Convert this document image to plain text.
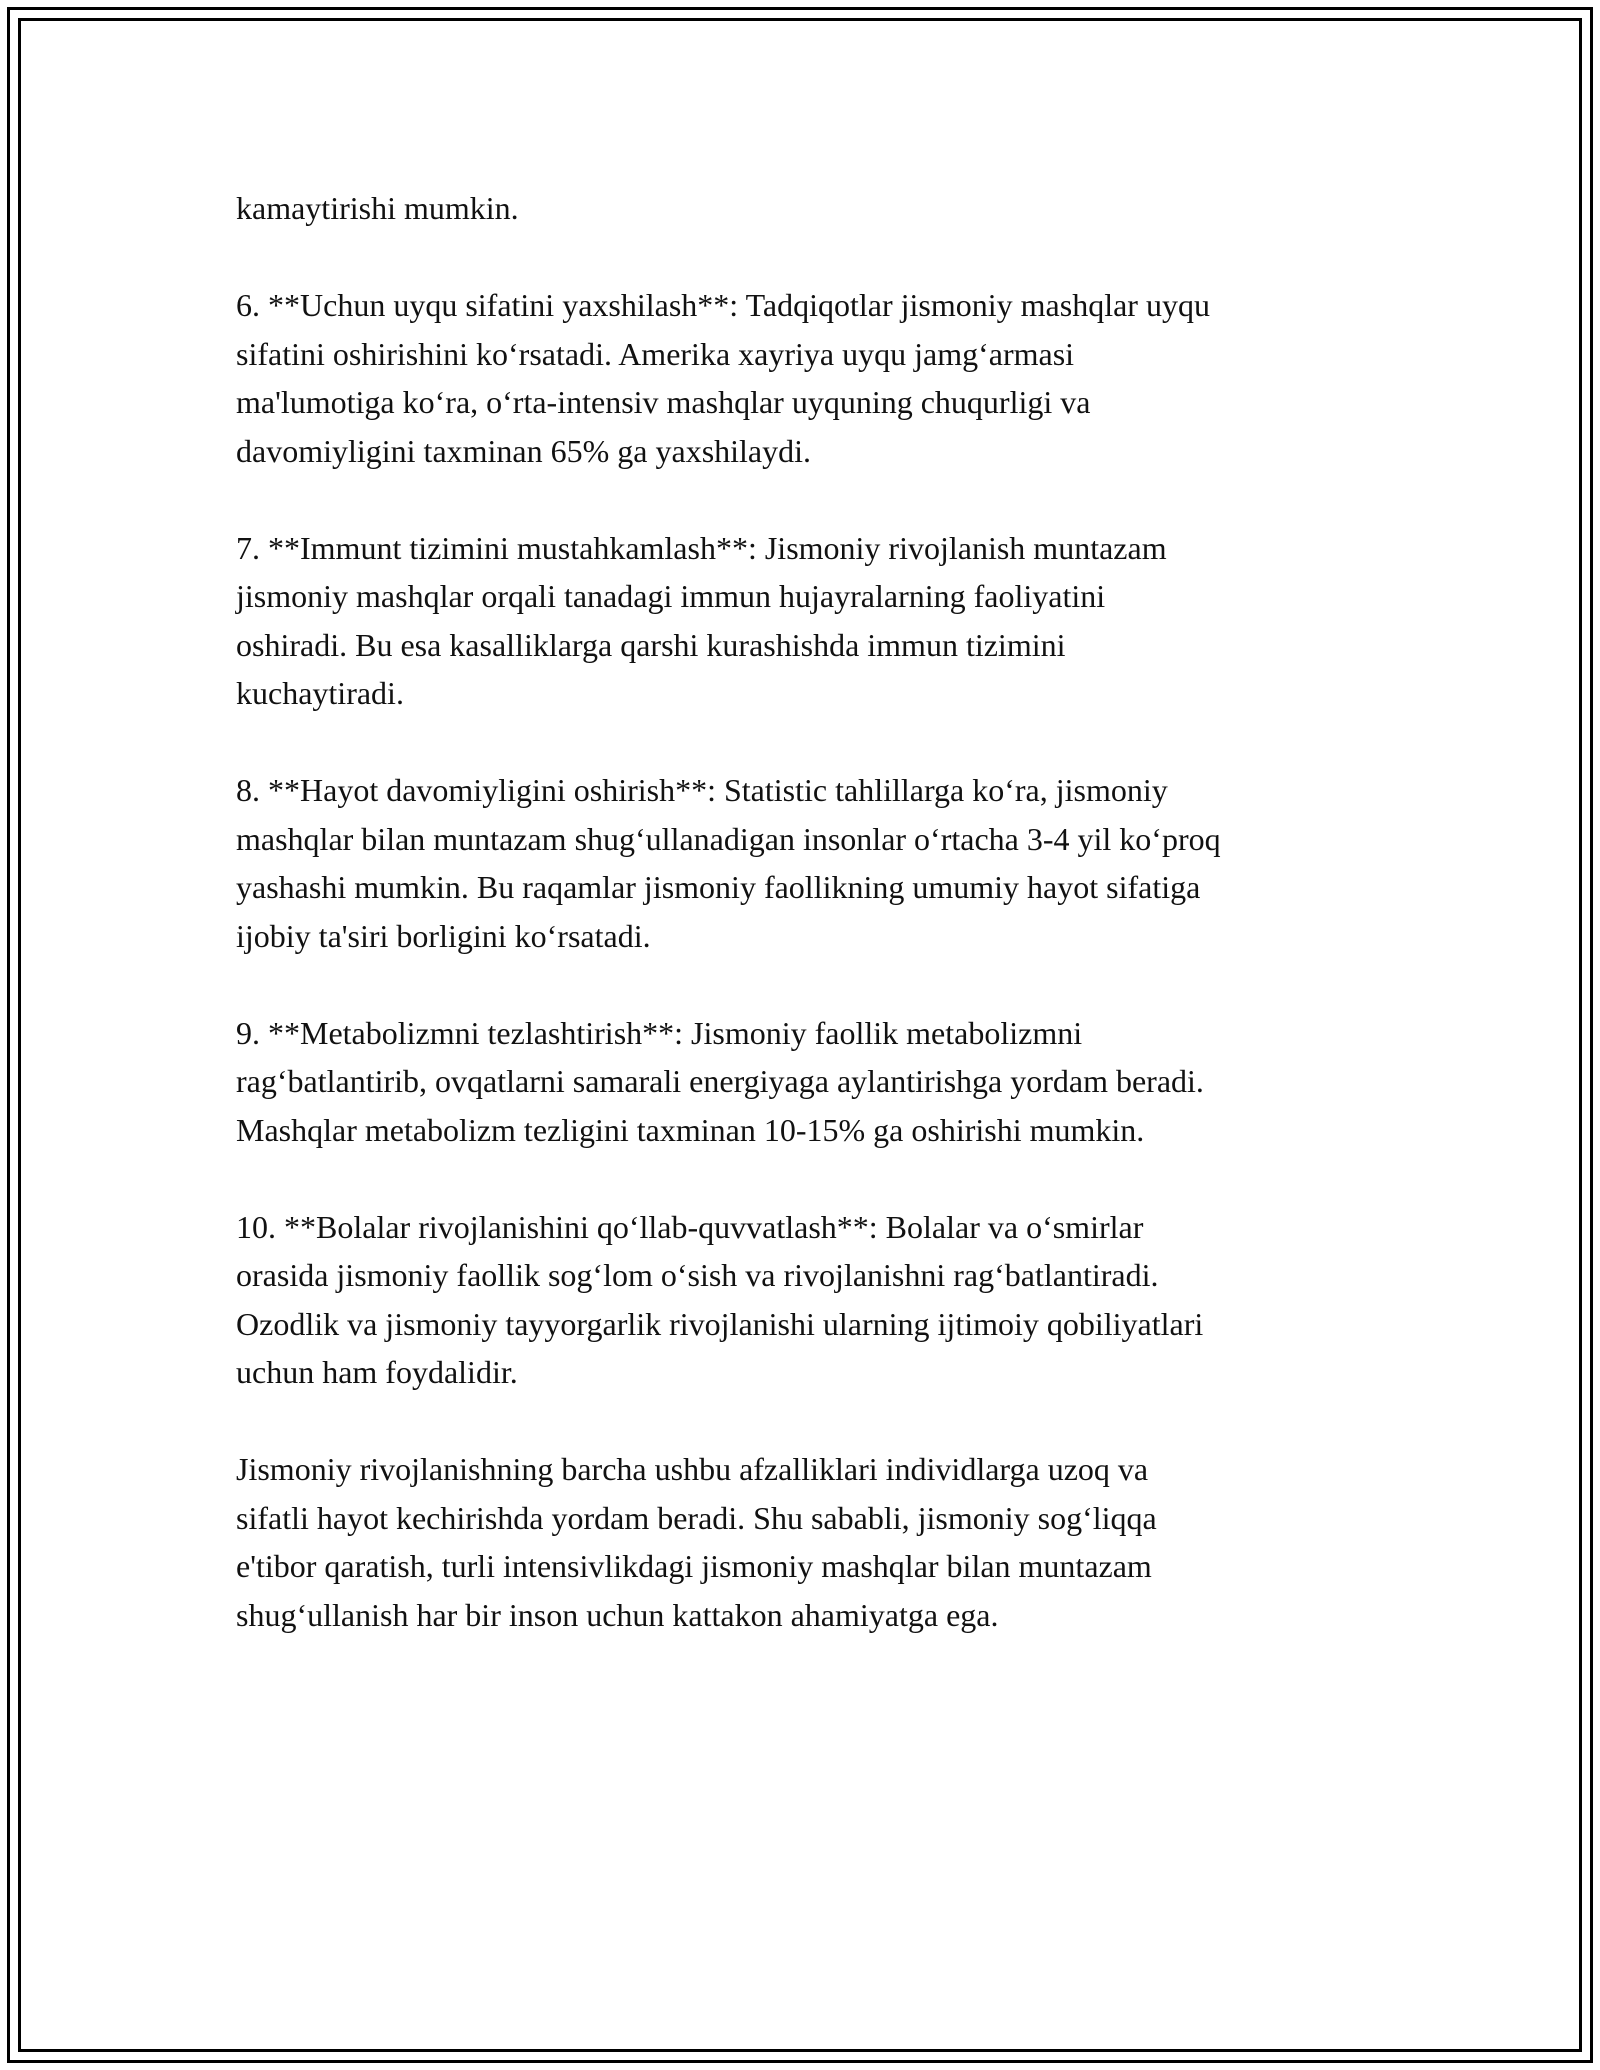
kamaytirishi mumkin.

6. **Uchun uyqu sifatini yaxshilash**: Tadqiqotlar jismoniy mashqlar uyqu
sifatini oshirishini ko‘rsatadi. Amerika xayriya uyqu jamg‘armasi
ma'lumotiga ko‘ra, o‘rta-intensiv mashqlar uyquning chuqurligi va
davomiyligini taxminan 65% ga yaxshilaydi.

7. **Immunt tizimini mustahkamlash**: Jismoniy rivojlanish muntazam
jismoniy mashqlar orqali tanadagi immun hujayralarning faoliyatini
oshiradi. Bu esa kasalliklarga qarshi kurashishda immun tizimini
kuchaytiradi.

8. **Hayot davomiyligini oshirish**: Statistic tahlillarga ko‘ra, jismoniy
mashqlar bilan muntazam shug‘ullanadigan insonlar o‘rtacha 3-4 yil ko‘proq
yashashi mumkin. Bu raqamlar jismoniy faollikning umumiy hayot sifatiga
ijobiy ta'siri borligini ko‘rsatadi.

9. **Metabolizmni tezlashtirish**: Jismoniy faollik metabolizmni
rag‘batlantirib, ovqatlarni samarali energiyaga aylantirishga yordam beradi.
Mashqlar metabolizm tezligini taxminan 10-15% ga oshirishi mumkin.

10. **Bolalar rivojlanishini qo‘llab-quvvatlash**: Bolalar va o‘smirlar
orasida jismoniy faollik sog‘lom o‘sish va rivojlanishni rag‘batlantiradi.
Ozodlik va jismoniy tayyorgarlik rivojlanishi ularning ijtimoiy qobiliyatlari
uchun ham foydalidir.

Jismoniy rivojlanishning barcha ushbu afzalliklari individlarga uzoq va
sifatli hayot kechirishda yordam beradi. Shu sababli, jismoniy sog‘liqqa
e'tibor qaratish, turli intensivlikdagi jismoniy mashqlar bilan muntazam
shug‘ullanish har bir inson uchun kattakon ahamiyatga ega.
